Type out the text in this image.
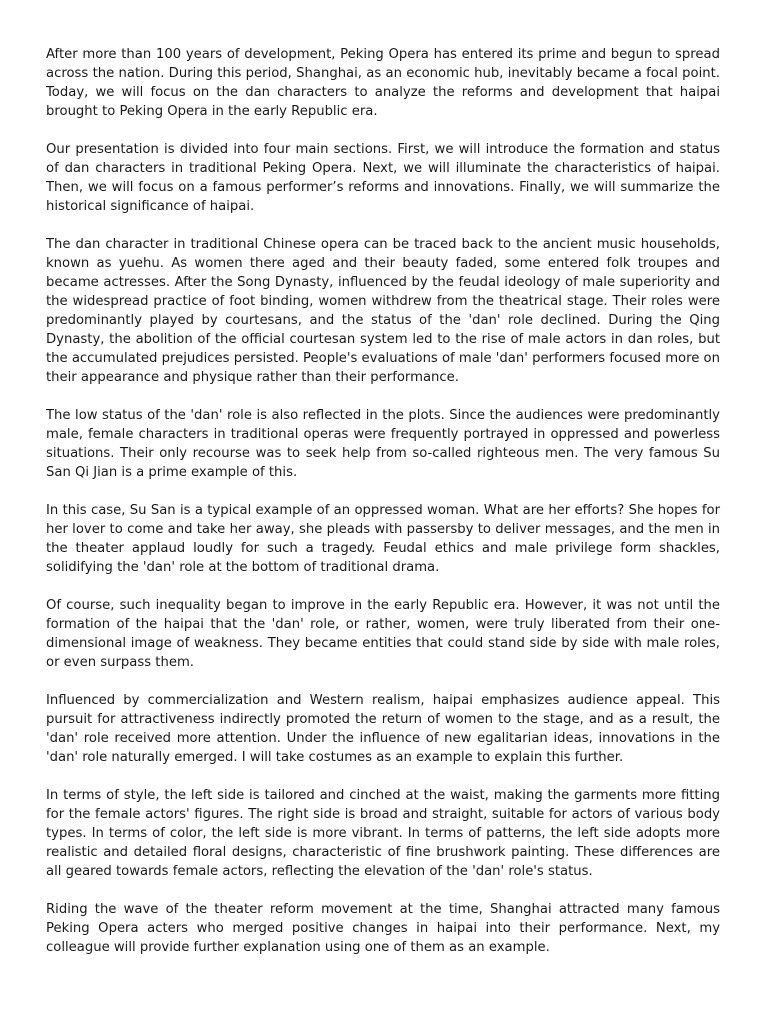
After more than 100 years of development, Peking Opera has entered its prime and begun to spread across the nation. During this period, Shanghai, as an economic hub, inevitably became a focal point. Today, we will focus on the dan characters to analyze the reforms and development that haipai brought to Peking Opera in the early Republic era.

Our presentation is divided into four main sections. First, we will introduce the formation and status of dan characters in traditional Peking Opera. Next, we will illuminate the characteristics of haipai. Then, we will focus on a famous performer’s reforms and innovations. Finally, we will summarize the historical significance of haipai.

The dan character in traditional Chinese opera can be traced back to the ancient music households, known as yuehu. As women there aged and their beauty faded, some entered folk troupes and became actresses. After the Song Dynasty, influenced by the feudal ideology of male superiority and the widespread practice of foot binding, women withdrew from the theatrical stage. Their roles were predominantly played by courtesans, and the status of the 'dan' role declined. During the Qing Dynasty, the abolition of the official courtesan system led to the rise of male actors in dan roles, but the accumulated prejudices persisted. People's evaluations of male 'dan' performers focused more on their appearance and physique rather than their performance.

The low status of the 'dan' role is also reflected in the plots. Since the audiences were predominantly male, female characters in traditional operas were frequently portrayed in oppressed and powerless situations. Their only recourse was to seek help from so-called righteous men. The very famous Su San Qi Jian is a prime example of this.

In this case, Su San is a typical example of an oppressed woman. What are her efforts? She hopes for her lover to come and take her away, she pleads with passersby to deliver messages, and the men in the theater applaud loudly for such a tragedy. Feudal ethics and male privilege form shackles, solidifying the 'dan' role at the bottom of traditional drama.

Of course, such inequality began to improve in the early Republic era. However, it was not until the formation of the haipai that the 'dan' role, or rather, women, were truly liberated from their one-dimensional image of weakness. They became entities that could stand side by side with male roles, or even surpass them.

Influenced by commercialization and Western realism, haipai emphasizes audience appeal. This pursuit for attractiveness indirectly promoted the return of women to the stage, and as a result, the 'dan' role received more attention. Under the influence of new egalitarian ideas, innovations in the 'dan' role naturally emerged. I will take costumes as an example to explain this further.

In terms of style, the left side is tailored and cinched at the waist, making the garments more fitting for the female actors' figures. The right side is broad and straight, suitable for actors of various body types. In terms of color, the left side is more vibrant. In terms of patterns, the left side adopts more realistic and detailed floral designs, characteristic of fine brushwork painting. These differences are all geared towards female actors, reflecting the elevation of the 'dan' role's status.

Riding the wave of the theater reform movement at the time, Shanghai attracted many famous Peking Opera acters who merged positive changes in haipai into their performance. Next, my colleague will provide further explanation using one of them as an example.
